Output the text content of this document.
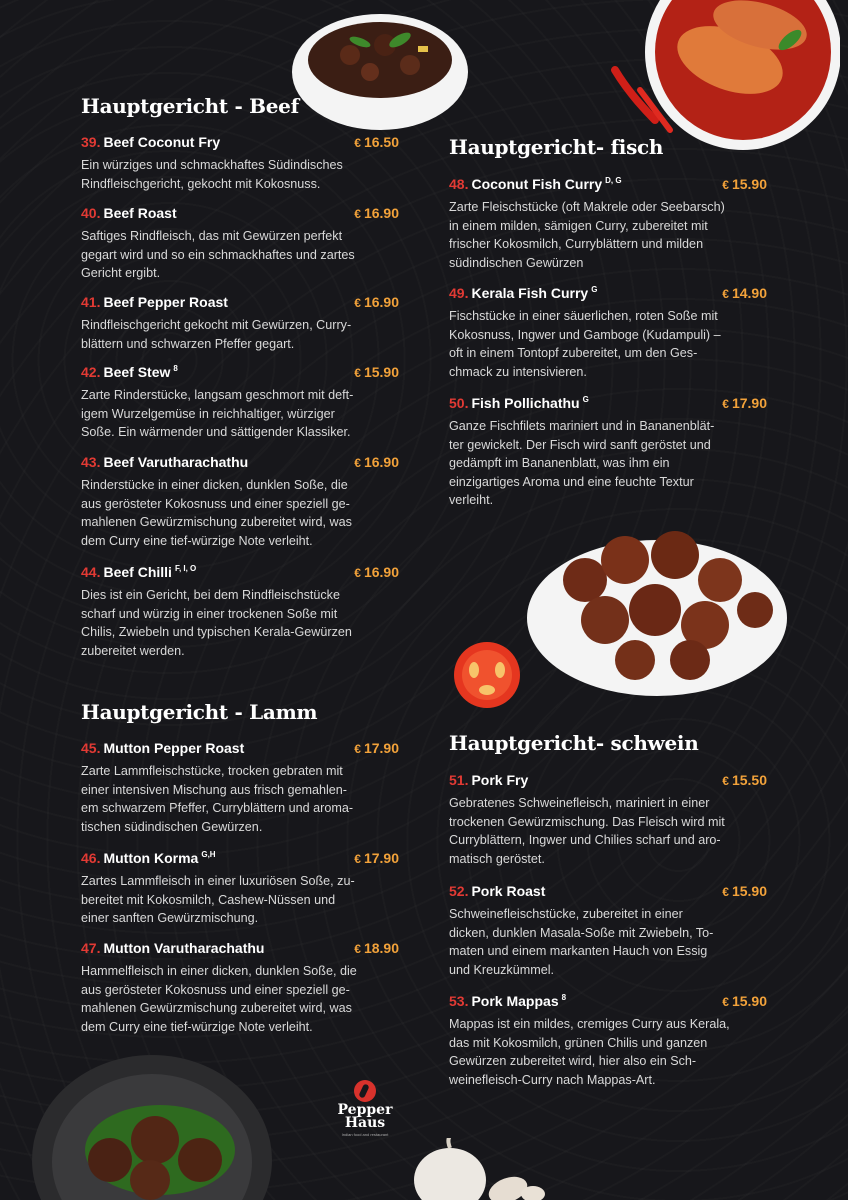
Hauptgericht - Beef
39. Beef Coconut Fry	€ 16.50
Ein würziges und schmackhaftes Südindisches
Rindfleischgericht, gekocht mit Kokosnuss.
40. Beef Roast	€ 16.90
Saftiges Rindfleisch, das mit Gewürzen perfekt
gegart wird und so ein schmackhaftes und zartes
Gericht ergibt.
41. Beef Pepper Roast	€ 16.90
Rindfleischgericht gekocht mit Gewürzen, Curry-
blättern und schwarzen Pfeffer gegart.
42. Beef Stew $^8$	€ 15.90
Zarte Rinderstücke, langsam geschmort mit deft-
igem Wurzelgemüse in reichhaltiger, würziger
Soße. Ein wärmender und sättigender Klassiker.
43. Beef Varutharachathu	€ 16.90
Rinderstücke in einer dicken, dunklen Soße, die
aus gerösteter Kokosnuss und einer speziell ge-
mahlenen Gewürzmischung zubereitet wird, was
dem Curry eine tief-würzige Note verleiht.
44. Beef Chilli $^{F, I, O}$	€ 16.90
Dies ist ein Gericht, bei dem Rindfleischstücke
scharf und würzig in einer trockenen Soße mit
Chilis, Zwiebeln und typischen Kerala-Gewürzen
zubereitet werden.
Hauptgericht - Lamm
45. Mutton Pepper Roast	€ 17.90
Zarte Lammfleischstücke, trocken gebraten mit
einer intensiven Mischung aus frisch gemahlen-
em schwarzem Pfeffer, Curryblättern und aroma-
tischen südindischen Gewürzen.
46. Mutton Korma $^{G,H}$	€ 17.90
Zartes Lammfleisch in einer luxuriösen Soße, zu-
bereitet mit Kokosmilch, Cashew-Nüssen und
einer sanften Gewürzmischung.
47. Mutton Varutharachathu	€ 18.90
Hammelfleisch in einer dicken, dunklen Soße, die
aus gerösteter Kokosnuss und einer speziell ge-
mahlenen Gewürzmischung zubereitet wird, was
dem Curry eine tief-würzige Note verleiht.
Hauptgericht- fisch
48. Coconut Fish Curry $^{D, G}$	€ 15.90
Zarte Fleischstücke (oft Makrele oder Seebarsch)
in einem milden, sämigen Curry, zubereitet mit
frischer Kokosmilch, Curryblättern und milden
südindischen Gewürzen
49. Kerala Fish Curry $^G$	€ 14.90
Fischstücke in einer säuerlichen, roten Soße mit
Kokosnuss, Ingwer und Gamboge (Kudampuli) –
oft in einem Tontopf zubereitet, um den Ges-
chmack zu intensivieren.
50. Fish Pollichathu $^G$	€ 17.90
Ganze Fischfilets mariniert und in Bananenblät-
ter gewickelt. Der Fisch wird sanft geröstet und
gedämpft im Bananenblatt, was ihm ein
einzigartiges Aroma und eine feuchte Textur
verleiht.
Hauptgericht- schwein
51. Pork Fry	€ 15.50
Gebratenes Schweinefleisch, mariniert in einer
trockenen Gewürzmischung. Das Fleisch wird mit
Curryblättern, Ingwer und Chilies scharf und aro-
matisch geröstet.
52. Pork Roast	€ 15.90
Schweinefleischstücke, zubereitet in einer
dicken, dunklen Masala-Soße mit Zwiebeln, To-
maten und einem markanten Hauch von Essig
und Kreuzkümmel.
53. Pork Mappas $^8$	€ 15.90
Mappas ist ein mildes, cremiges Curry aus Kerala,
das mit Kokosmilch, grünen Chilis und ganzen
Gewürzen zubereitet wird, hier also ein Sch-
weinefleisch-Curry nach Mappas-Art.
Pepper
Haus
Indian food and restaurant
